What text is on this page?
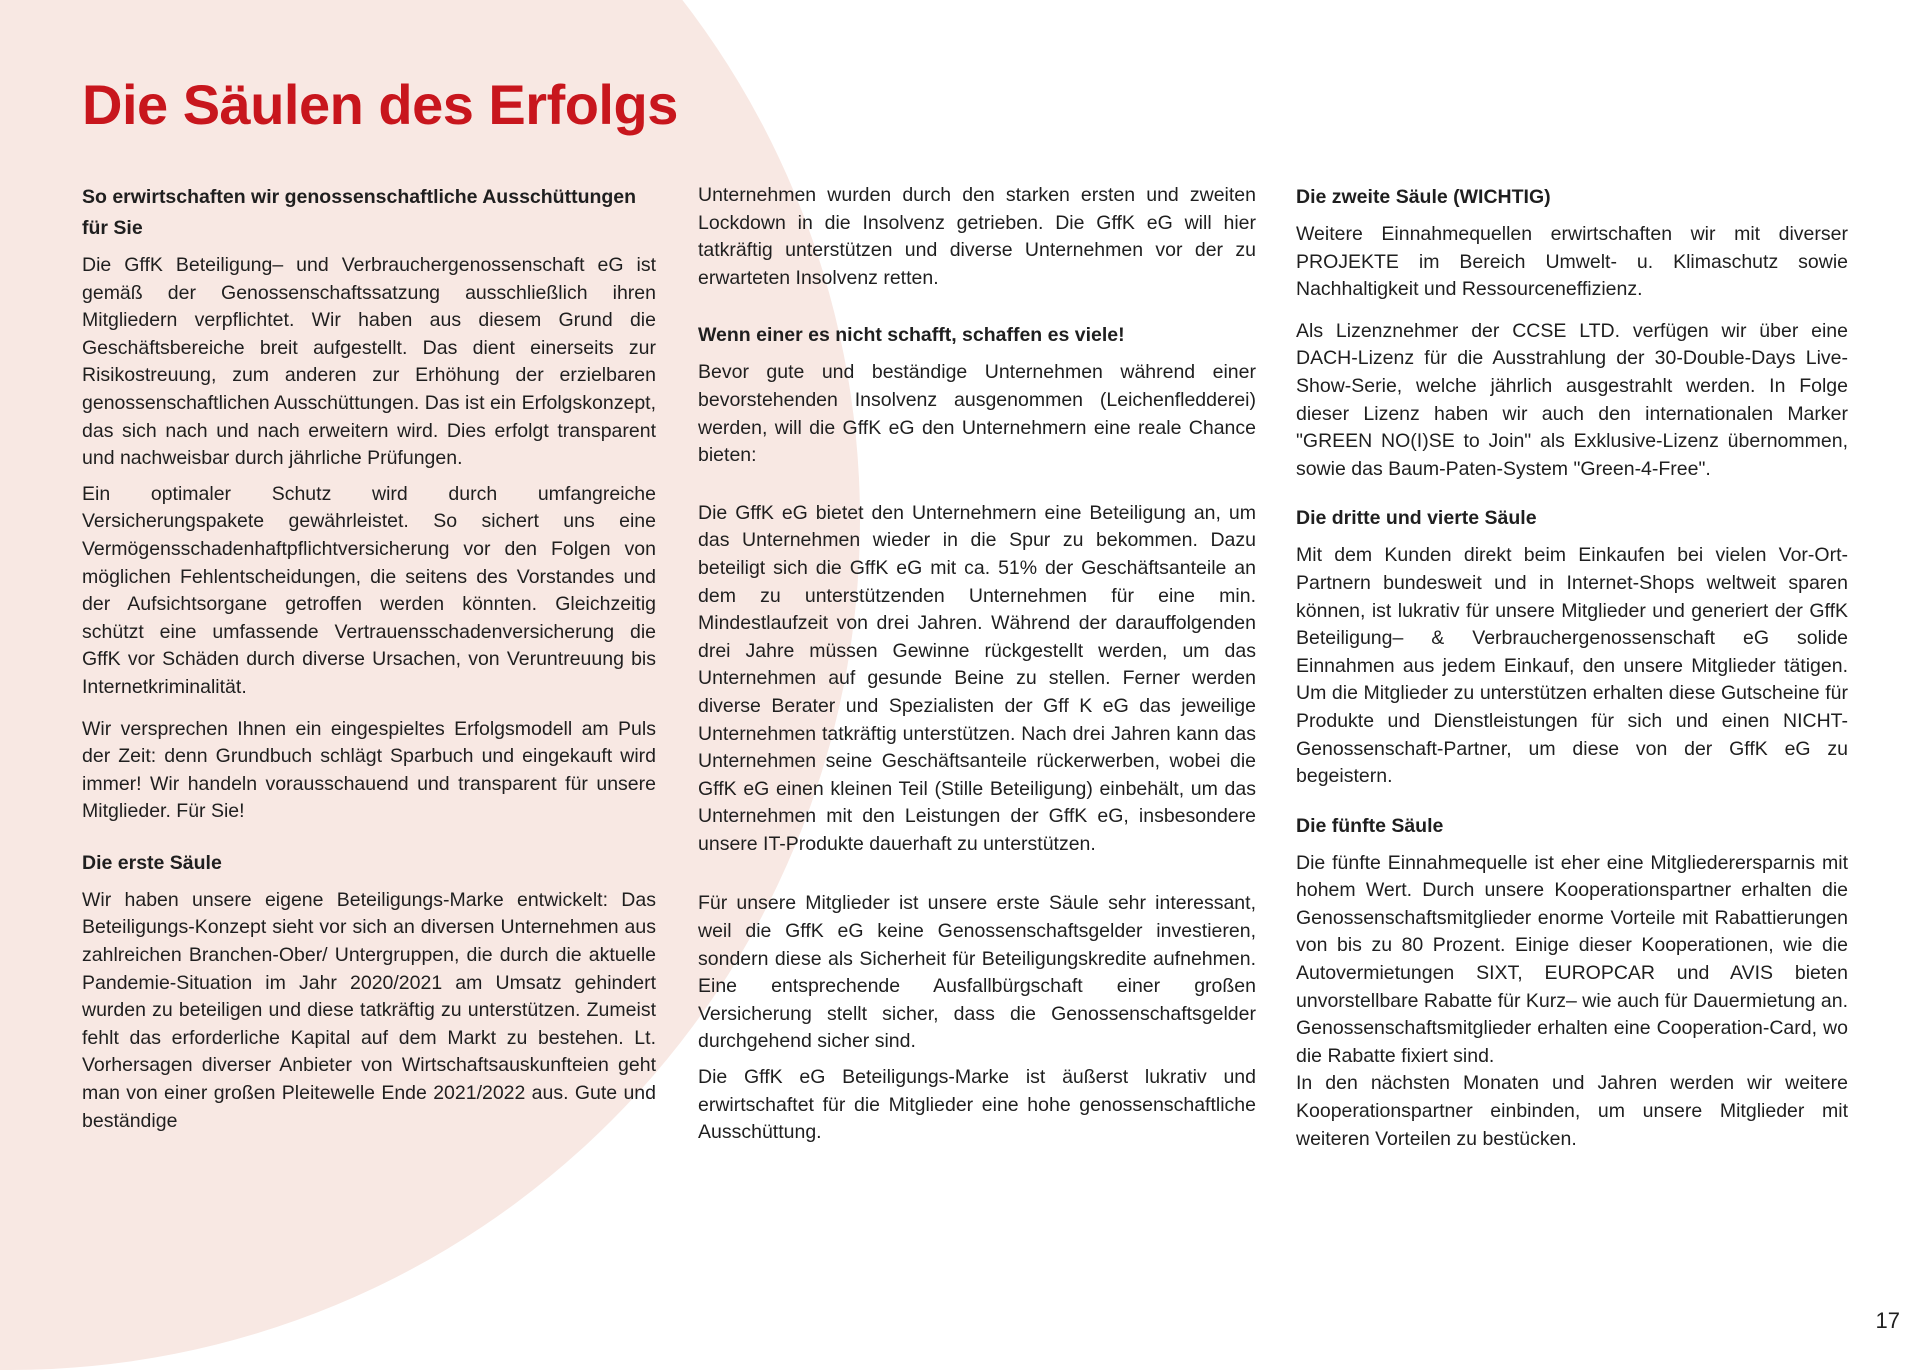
Die Säulen des Erfolgs
So erwirtschaften wir genossenschaftliche Ausschüttungen für Sie

Die GffK Beteiligung– und Verbrauchergenossenschaft eG ist gemäß der Genossenschaftssatzung ausschließlich ihren Mitgliedern verpflichtet. Wir haben aus diesem Grund die Geschäftsbereiche breit aufgestellt. Das dient einerseits zur Risikostreuung, zum anderen zur Erhöhung der erzielbaren genossenschaftlichen Ausschüttungen. Das ist ein Erfolgskonzept, das sich nach und nach erweitern wird. Dies erfolgt transparent und nachweisbar durch jährliche Prüfungen.

Ein optimaler Schutz wird durch umfangreiche Versicherungspakete gewährleistet. So sichert uns eine Vermögensschadenhaftpflichtversicherung vor den Folgen von möglichen Fehlentscheidungen, die seitens des Vorstandes und der Aufsichtsorgane getroffen werden könnten. Gleichzeitig schützt eine umfassende Vertrauensschadenversicherung die GffK vor Schäden durch diverse Ursachen, von Veruntreuung bis Internetkriminalität.

Wir versprechen Ihnen ein eingespieltes Erfolgsmodell am Puls der Zeit: denn Grundbuch schlägt Sparbuch und eingekauft wird immer! Wir handeln vorausschauend und transparent für unsere Mitglieder. Für Sie!

Die erste Säule

Wir haben unsere eigene Beteiligungs-Marke entwickelt: Das Beteiligungs-Konzept sieht vor sich an diversen Unternehmen aus zahlreichen Branchen-Ober/ Untergruppen, die durch die aktuelle Pandemie-Situation im Jahr 2020/2021 am Umsatz gehindert wurden zu beteiligen und diese tatkräftig zu unterstützen. Zumeist fehlt das erforderliche Kapital auf dem Markt zu bestehen. Lt. Vorhersagen diverser Anbieter von Wirtschaftsauskunfteien geht man von einer großen Pleitewelle Ende 2021/2022 aus. Gute und beständige

Unternehmen wurden durch den starken ersten und zweiten Lockdown in die Insolvenz getrieben. Die GffK eG will hier tatkräftig unterstützen und diverse Unternehmen vor der zu erwarteten Insolvenz retten.

Wenn einer es nicht schafft, schaffen es viele!

Bevor gute und beständige Unternehmen während einer bevorstehenden Insolvenz ausgenommen (Leichenfledderei) werden, will die GffK eG den Unternehmern eine reale Chance bieten:

Die GffK eG bietet den Unternehmern eine Beteiligung an, um das Unternehmen wieder in die Spur zu bekommen. Dazu beteiligt sich die GffK eG mit ca. 51% der Geschäftsanteile an dem zu unterstützenden Unternehmen für eine min. Mindestlaufzeit von drei Jahren. Während der darauffolgenden drei Jahre müssen Gewinne rückgestellt werden, um das Unternehmen auf gesunde Beine zu stellen. Ferner werden diverse Berater und Spezialisten der Gff K eG das jeweilige Unternehmen tatkräftig unterstützen. Nach drei Jahren kann das Unternehmen seine Geschäftsanteile rückerwerben, wobei die GffK eG einen kleinen Teil (Stille Beteiligung) einbehält, um das Unternehmen mit den Leistungen der GffK eG, insbesondere unsere IT-Produkte dauerhaft zu unterstützen.

Für unsere Mitglieder ist unsere erste Säule sehr interessant, weil die GffK eG keine Genossenschaftsgelder investieren, sondern diese als Sicherheit für Beteiligungskredite aufnehmen. Eine entsprechende Ausfallbürgschaft einer großen Versicherung stellt sicher, dass die Genossenschaftsgelder durchgehend sicher sind.

Die GffK eG Beteiligungs-Marke ist äußerst lukrativ und erwirtschaftet für die Mitglieder eine hohe genossenschaftliche Ausschüttung.

Die zweite Säule (WICHTIG)

Weitere Einnahmequellen erwirtschaften wir mit diverser PROJEKTE im Bereich Umwelt- u. Klimaschutz sowie Nachhaltigkeit und Ressourceneffizienz.

Als Lizenznehmer der CCSE LTD. verfügen wir über eine DACH-Lizenz für die Ausstrahlung der 30-Double-Days Live-Show-Serie, welche jährlich ausgestrahlt werden. In Folge dieser Lizenz haben wir auch den internationalen Marker "GREEN NO(I)SE to Join" als Exklusive-Lizenz übernommen, sowie das Baum-Paten-System "Green-4-Free".

Die dritte und vierte Säule

Mit dem Kunden direkt beim Einkaufen bei vielen Vor-Ort-Partnern bundesweit und in Internet-Shops weltweit sparen können, ist lukrativ für unsere Mitglieder und generiert der GffK Beteiligung– & Verbrauchergenossenschaft eG solide Einnahmen aus jedem Einkauf, den unsere Mitglieder tätigen. Um die Mitglieder zu unterstützen erhalten diese Gutscheine für Produkte und Dienstleistungen für sich und einen NICHT-Genossenschaft-Partner, um diese von der GffK eG zu begeistern.

Die fünfte Säule

Die fünfte Einnahmequelle ist eher eine Mitgliederersparnis mit hohem Wert. Durch unsere Kooperationspartner erhalten die Genossenschaftsmitglieder enorme Vorteile mit Rabattierungen von bis zu 80 Prozent. Einige dieser Kooperationen, wie die Autovermietungen SIXT, EUROPCAR und AVIS bieten unvorstellbare Rabatte für Kurz– wie auch für Dauermietung an. Genossenschaftsmitglieder erhalten eine Cooperation-Card, wo die Rabatte fixiert sind.

In den nächsten Monaten und Jahren werden wir weitere Kooperationspartner einbinden, um unsere Mitglieder mit weiteren Vorteilen zu bestücken.

17
